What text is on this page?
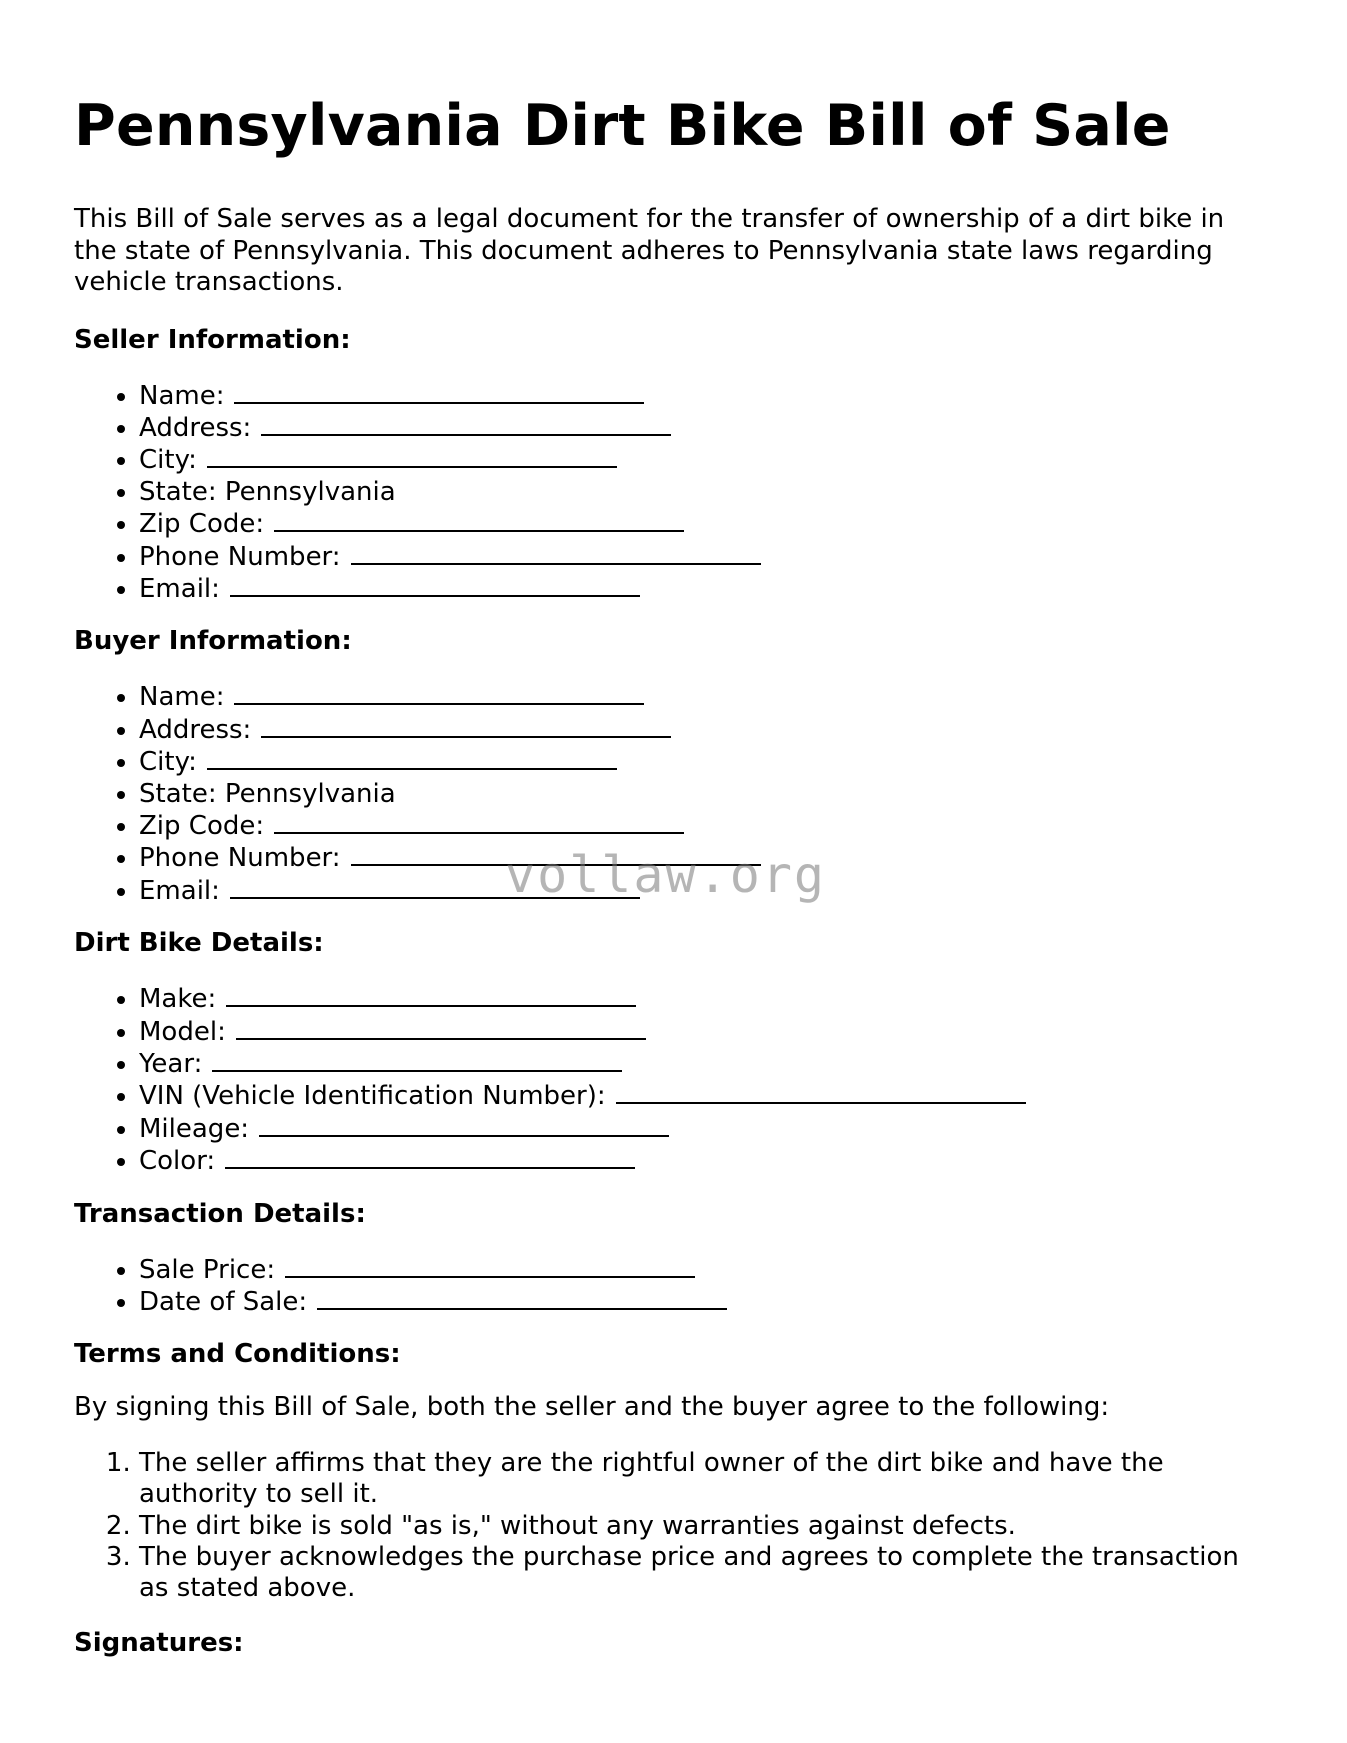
Pennsylvania Dirt Bike Bill of Sale

This Bill of Sale serves as a legal document for the transfer of ownership of a dirt bike in the state of Pennsylvania. This document adheres to Pennsylvania state laws regarding vehicle transactions.

Seller Information:
• Name:
• Address:
• City:
• State: Pennsylvania
• Zip Code:
• Phone Number:
• Email:
Buyer Information:
• Name:
• Address:
• City:
• State: Pennsylvania
• Zip Code:
• Phone Number:
• Email:
Dirt Bike Details:
• Make:
• Model:
• Year:
• VIN (Vehicle Identification Number):
• Mileage:
• Color:
Transaction Details:
• Sale Price:
• Date of Sale:
Terms and Conditions:

By signing this Bill of Sale, both the seller and the buyer agree to the following:

1. The seller affirms that they are the rightful owner of the dirt bike and have the authority to sell it.
2. The dirt bike is sold "as is," without any warranties against defects.
3. The buyer acknowledges the purchase price and agrees to complete the transaction as stated above.
Signatures:
vollaw.org
